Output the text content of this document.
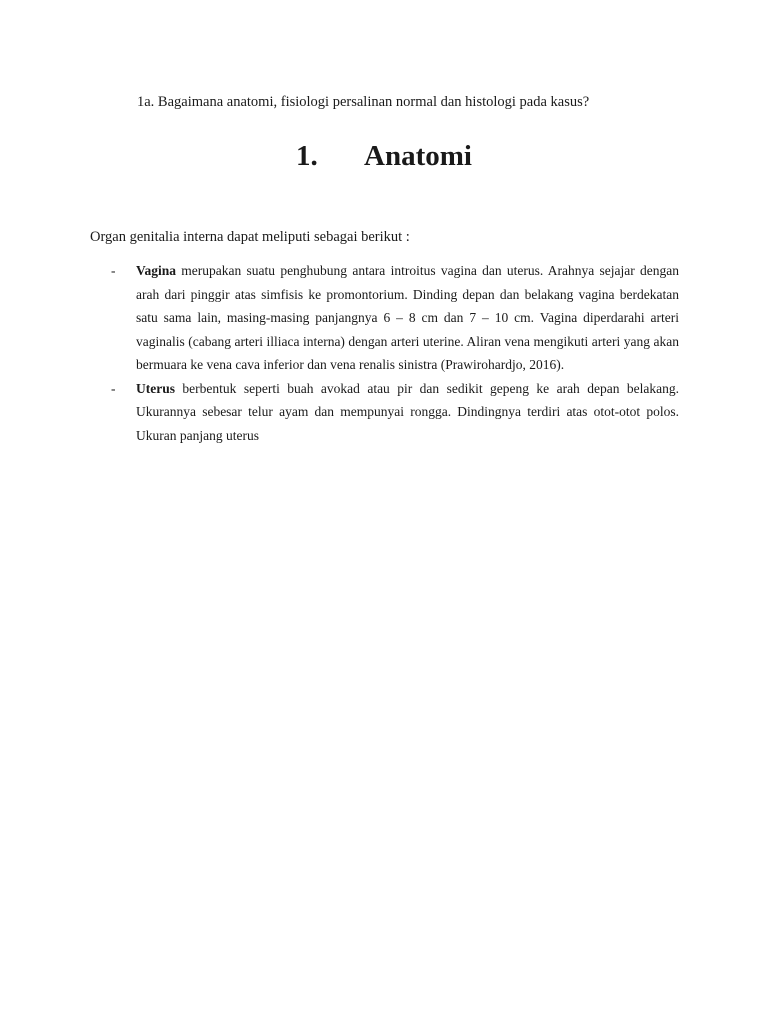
1a. Bagaimana anatomi, fisiologi persalinan normal dan histologi pada kasus?
1. Anatomi
Organ genitalia interna dapat meliputi sebagai berikut :
- Vagina merupakan suatu penghubung antara introitus vagina dan uterus. Arahnya sejajar dengan arah dari pinggir atas simfisis ke promontorium. Dinding depan dan belakang vagina berdekatan satu sama lain, masing-masing panjangnya 6 – 8 cm dan 7 – 10 cm. Vagina diperdarahi arteri vaginalis (cabang arteri illiaca interna) dengan arteri uterine. Aliran vena mengikuti arteri yang akan bermuara ke vena cava inferior dan vena renalis sinistra (Prawirohardjo, 2016).
- Uterus berbentuk seperti buah avokad atau pir dan sedikit gepeng ke arah depan belakang. Ukurannya sebesar telur ayam dan mempunyai rongga. Dindingnya terdiri atas otot-otot polos. Ukuran panjang uterus
